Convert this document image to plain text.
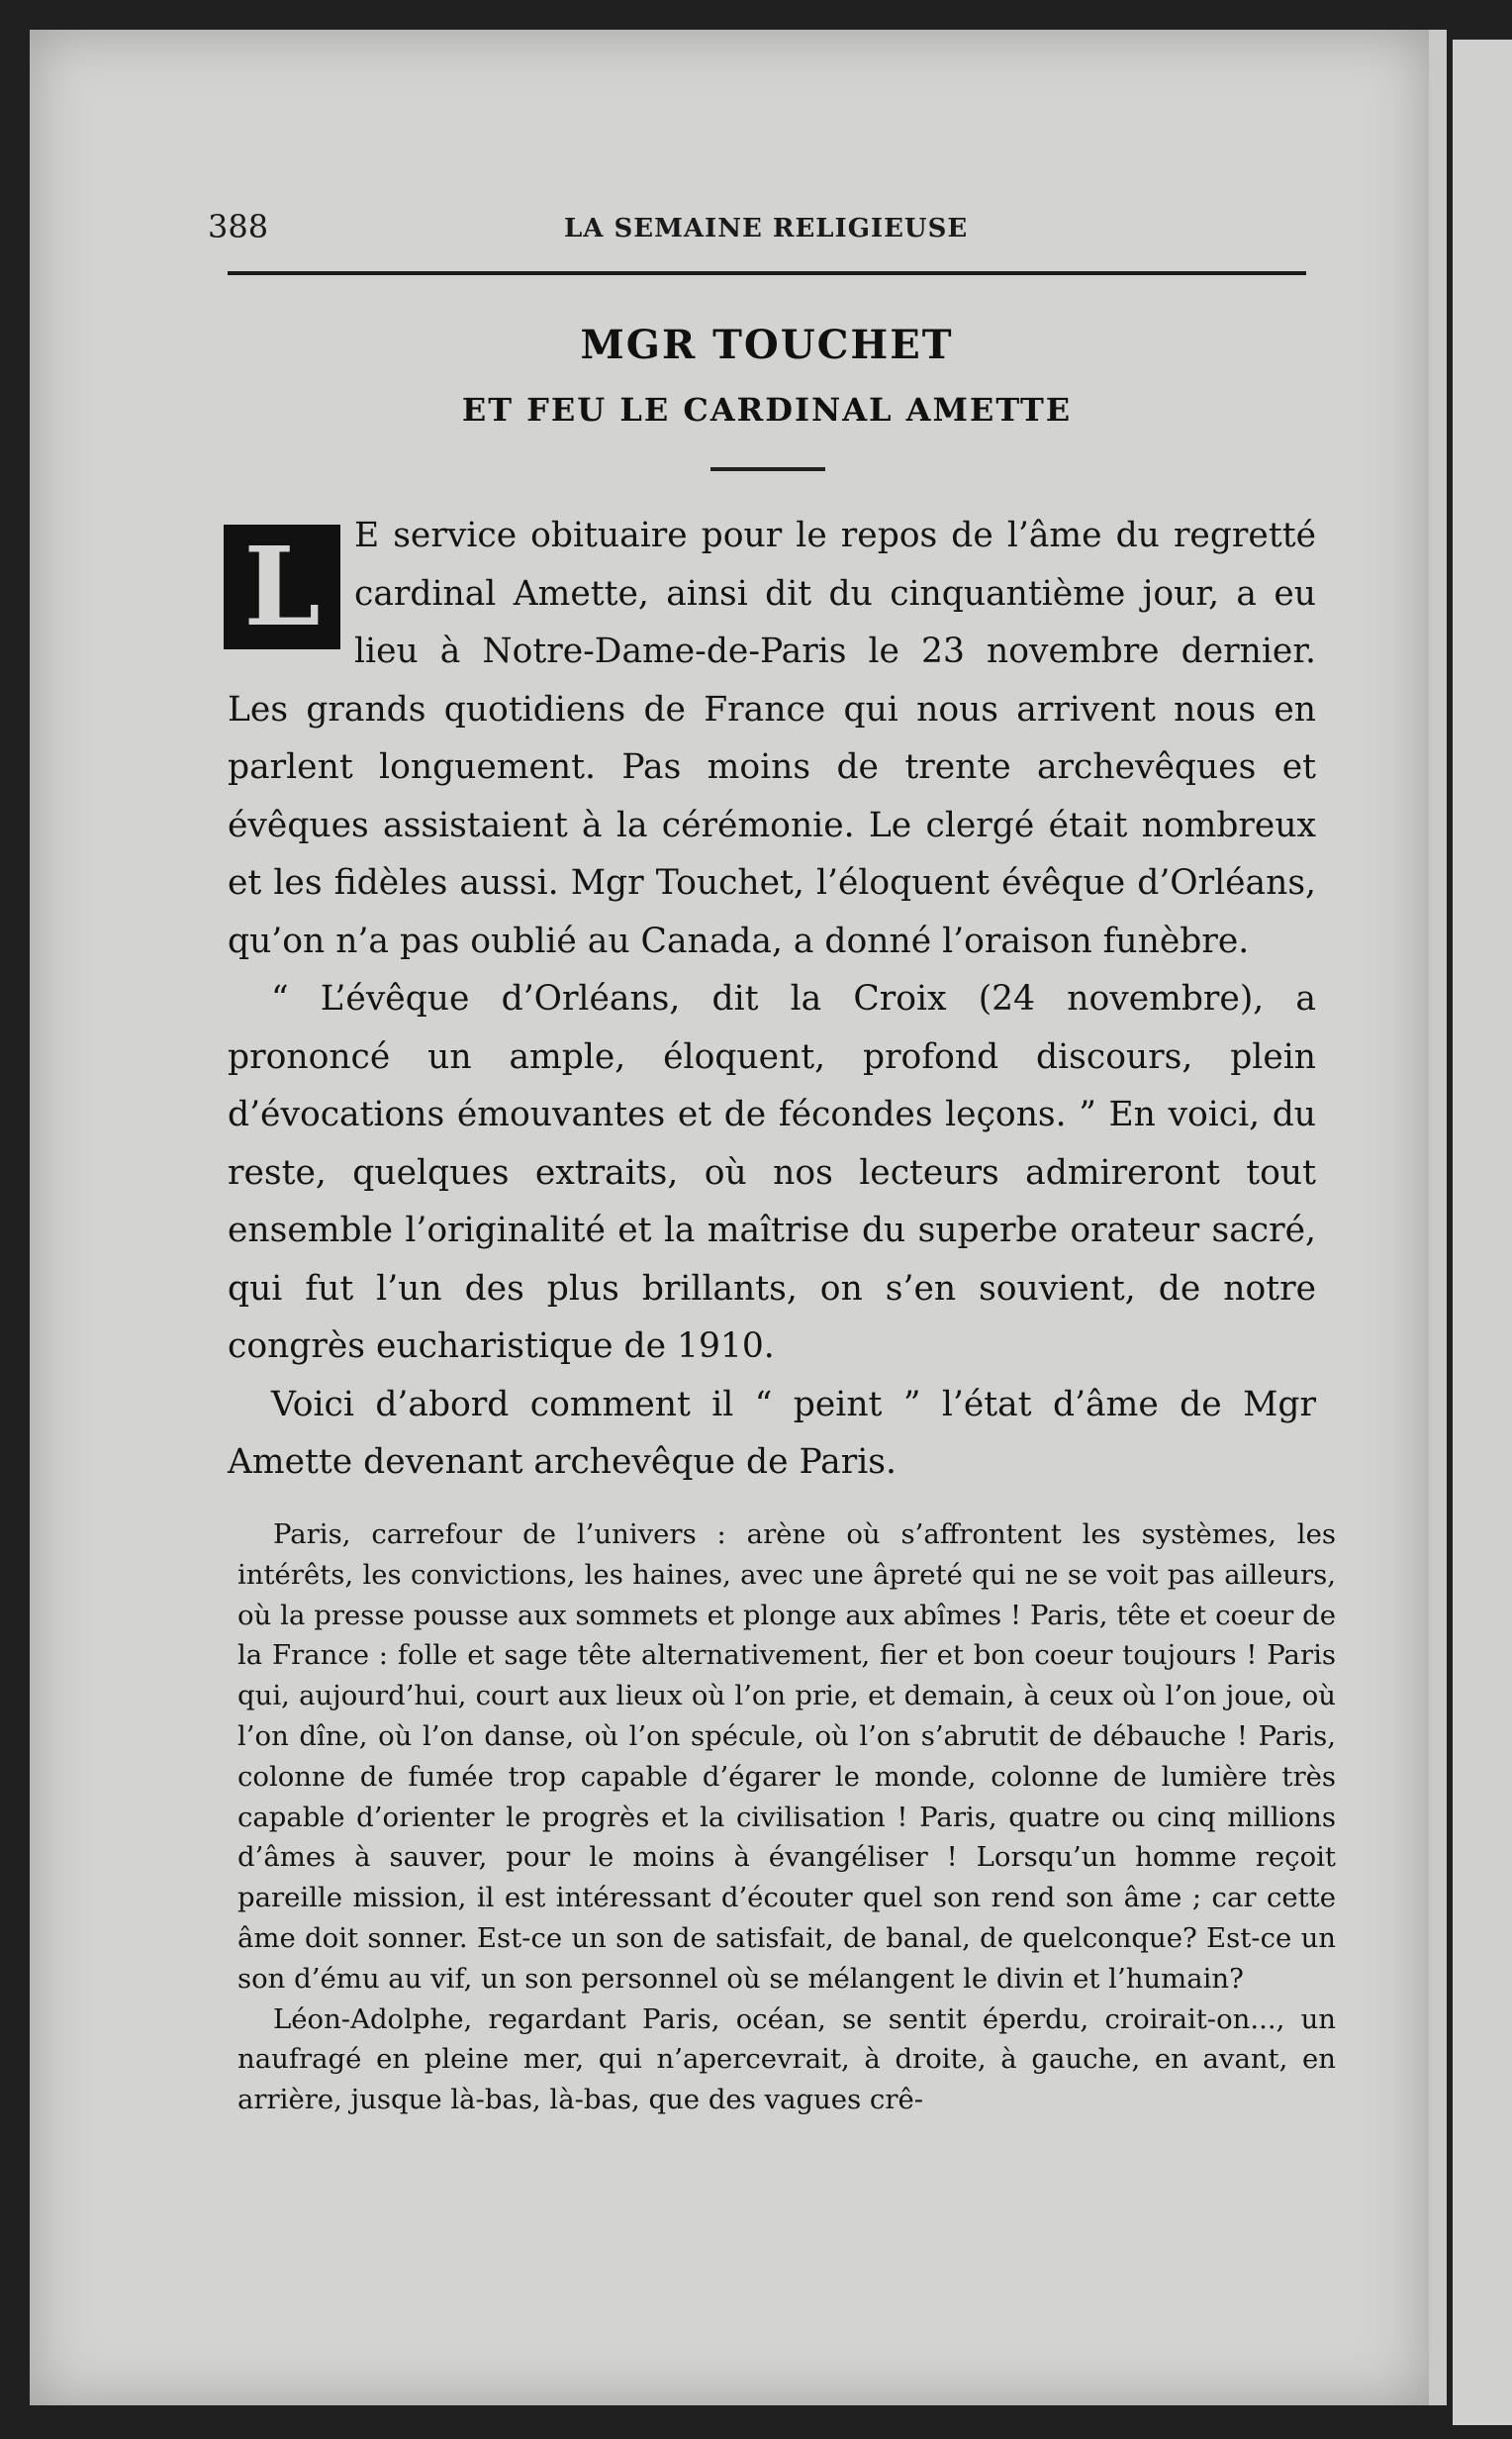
388	LA SEMAINE RELIGIEUSE
MGR TOUCHET
ET FEU LE CARDINAL AMETTE
L E service obituaire pour le repos de l’âme du regretté cardinal Amette, ainsi dit du cinquantième jour, a eu lieu à Notre-Dame-de-Paris le 23 novembre dernier. Les grands quotidiens de France qui nous arrivent nous en parlent longuement. Pas moins de trente archevêques et évêques assistaient à la cérémonie. Le clergé était nombreux et les fidèles aussi. Mgr Touchet, l’éloquent évêque d’Orléans, qu’on n’a pas oublié au Canada, a donné l’oraison funèbre.

“ L’évêque d’Orléans, dit la Croix (24 novembre), a prononcé un ample, éloquent, profond discours, plein d’évocations émouvantes et de fécondes leçons. ” En voici, du reste, quelques extraits, où nos lecteurs admireront tout ensemble l’originalité et la maîtrise du superbe orateur sacré, qui fut l’un des plus brillants, on s’en souvient, de notre congrès eucharistique de 1910.

Voici d’abord comment il “ peint ” l’état d’âme de Mgr Amette devenant archevêque de Paris.

Paris, carrefour de l’univers : arène où s’affrontent les systèmes, les intérêts, les convictions, les haines, avec une âpreté qui ne se voit pas ailleurs, où la presse pousse aux sommets et plonge aux abîmes ! Paris, tête et coeur de la France : folle et sage tête alternativement, fier et bon coeur toujours ! Paris qui, aujourd’hui, court aux lieux où l’on prie, et demain, à ceux où l’on joue, où l’on dîne, où l’on danse, où l’on spécule, où l’on s’abrutit de débauche ! Paris, colonne de fumée trop capable d’égarer le monde, colonne de lumière très capable d’orienter le progrès et la civilisation ! Paris, quatre ou cinq millions d’âmes à sauver, pour le moins à évangéliser ! Lorsqu’un homme reçoit pareille mission, il est intéressant d’écouter quel son rend son âme ; car cette âme doit sonner. Est-ce un son de satisfait, de banal, de quelconque? Est-ce un son d’ému au vif, un son personnel où se mélangent le divin et l’humain?

Léon-Adolphe, regardant Paris, océan, se sentit éperdu, croirait-on..., un naufragé en pleine mer, qui n’apercevrait, à droite, à gauche, en avant, en arrière, jusque là-bas, là-bas, que des vagues crê-
